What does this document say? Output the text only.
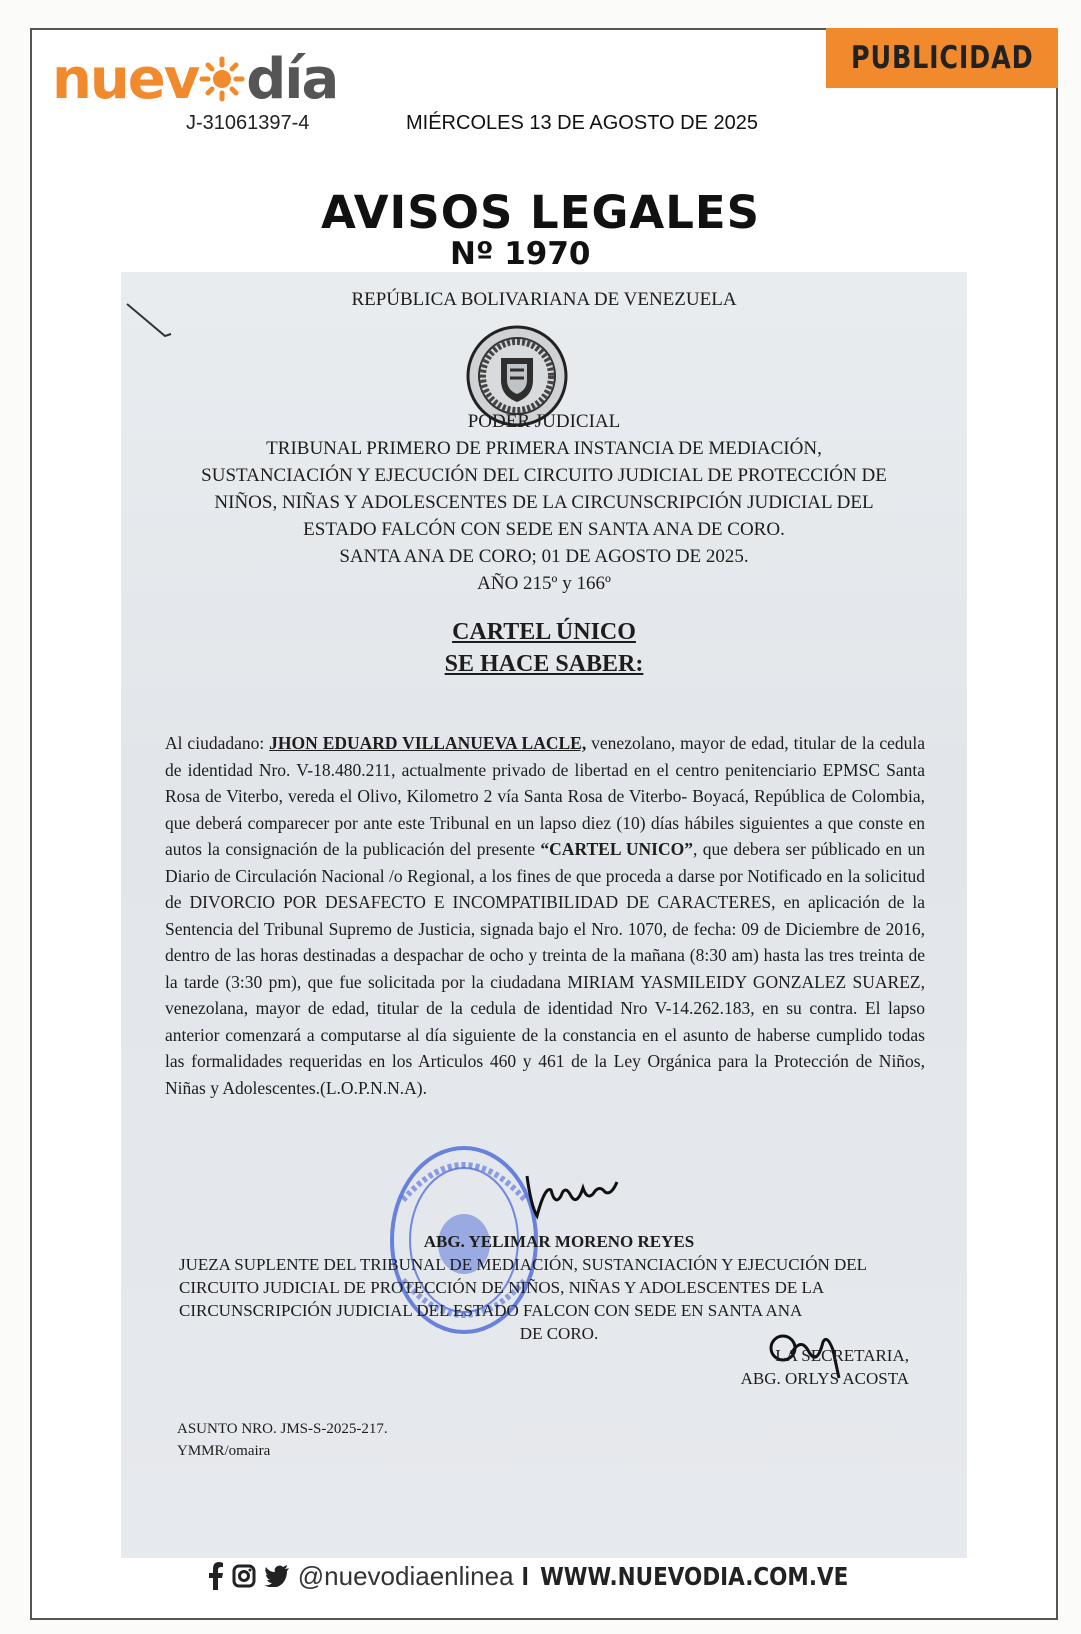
PUBLICIDAD
nuev día
J-31061397-4	MIÉRCOLES 13 DE AGOSTO DE 2025
AVISOS LEGALES
Nº 1970
REPÚBLICA BOLIVARIANA DE VENEZUELA
PODER JUDICIAL
TRIBUNAL PRIMERO DE PRIMERA INSTANCIA DE MEDIACIÓN,
SUSTANCIACIÓN Y EJECUCIÓN DEL CIRCUITO JUDICIAL DE PROTECCIÓN DE
NIÑOS, NIÑAS Y ADOLESCENTES DE LA CIRCUNSCRIPCIÓN JUDICIAL DEL
ESTADO FALCÓN CON SEDE EN SANTA ANA DE CORO.
SANTA ANA DE CORO; 01 DE AGOSTO DE 2025.
AÑO 215º y 166º
CARTEL ÚNICO
SE HACE SABER:
Al ciudadano: JHON EDUARD VILLANUEVA LACLE, venezolano, mayor de edad, titular de la cedula de identidad Nro. V-18.480.211, actualmente privado de libertad en el centro penitenciario EPMSC Santa Rosa de Viterbo, vereda el Olivo, Kilometro 2 vía Santa Rosa de Viterbo- Boyacá, República de Colombia, que deberá comparecer por ante este Tribunal en un lapso diez (10) días hábiles siguientes a que conste en autos la consignación de la publicación del presente “CARTEL UNICO”, que debera ser públicado en un Diario de Circulación Nacional /o Regional, a los fines de que proceda a darse por Notificado en la solicitud de DIVORCIO POR DESAFECTO E INCOMPATIBILIDAD DE CARACTERES, en aplicación de la Sentencia del Tribunal Supremo de Justicia, signada bajo el Nro. 1070, de fecha: 09 de Diciembre de 2016, dentro de las horas destinadas a despachar de ocho y treinta de la mañana (8:30 am) hasta las tres treinta de la tarde (3:30 pm), que fue solicitada por la ciudadana MIRIAM YASMILEIDY GONZALEZ SUAREZ, venezolana, mayor de edad, titular de la cedula de identidad Nro V-14.262.183, en su contra. El lapso anterior comenzará a computarse al día siguiente de la constancia en el asunto de haberse cumplido todas las formalidades requeridas en los Articulos 460 y 461 de la Ley Orgánica para la Protección de Niños, Niñas y Adolescentes.(L.O.P.N.N.A).
ABG. YELIMAR MORENO REYES
JUEZA SUPLENTE DEL TRIBUNAL DE MEDIACIÓN, SUSTANCIACIÓN Y EJECUCIÓN DEL CIRCUITO JUDICIAL DE PROTECCIÓN DE NIÑOS, NIÑAS Y ADOLESCENTES DE LA CIRCUNSCRIPCIÓN JUDICIAL DEL ESTADO FALCON CON SEDE EN SANTA ANA
DE CORO.
LA SECRETARIA,
ABG. ORLYS ACOSTA
ASUNTO NRO. JMS-S-2025-217.
YMMR/omaira
@nuevodiaenlinea I WWW.NUEVODIA.COM.VE
